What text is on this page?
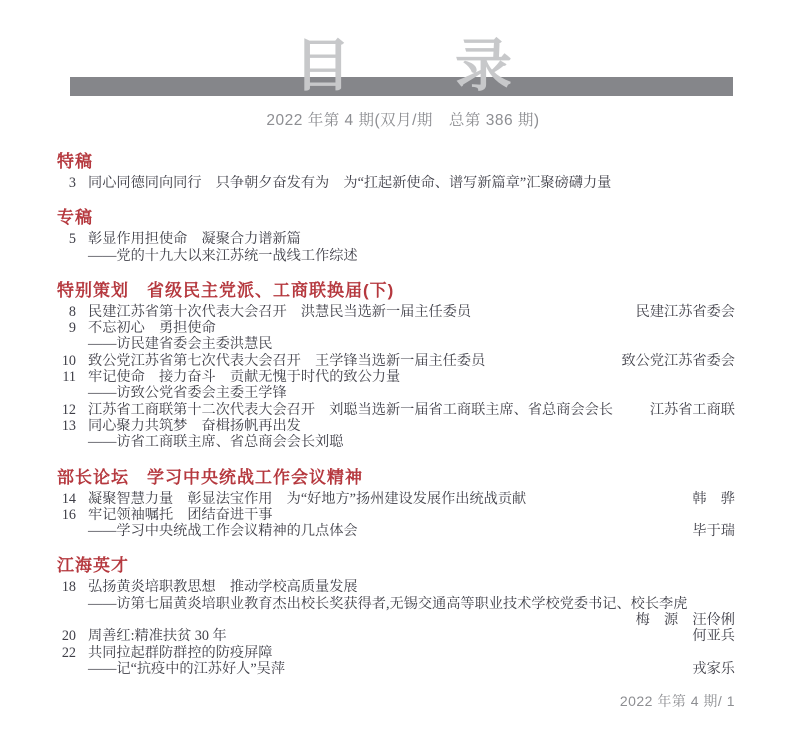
目 录
2022 年第 4 期(双月/期　总第 386 期)
特稿
3 同心同德同向同行　只争朝夕奋发有为　为“扛起新使命、谱写新篇章”汇聚磅礴力量
专稿
5 彰显作用担使命　凝聚合力谱新篇
——党的十九大以来江苏统一战线工作综述
特别策划　省级民主党派、工商联换届(下)
8 民建江苏省第十次代表大会召开　洪慧民当选新一届主任委员	民建江苏省委会
9 不忘初心　勇担使命
——访民建省委会主委洪慧民
10 致公党江苏省第七次代表大会召开　王学锋当选新一届主任委员	致公党江苏省委会
11 牢记使命　接力奋斗　贡献无愧于时代的致公力量
——访致公党省委会主委王学锋
12 江苏省工商联第十二次代表大会召开　刘聪当选新一届省工商联主席、省总商会会长	江苏省工商联
13 同心聚力共筑梦　奋楫扬帆再出发
——访省工商联主席、省总商会会长刘聪
部长论坛　学习中央统战工作会议精神
14 凝聚智慧力量　彰显法宝作用　为“好地方”扬州建设发展作出统战贡献	韩　骅
16 牢记领袖嘱托　团结奋进干事
——学习中央统战工作会议精神的几点体会	毕于瑞
江海英才
18 弘扬黄炎培职教思想　推动学校高质量发展
——访第七届黄炎培职业教育杰出校长奖获得者,无锡交通高等职业技术学校党委书记、校长李虎
梅　源　汪伶俐
20 周善红:精准扶贫 30 年	何亚兵
22 共同拉起群防群控的防疫屏障
——记“抗疫中的江苏好人”吴萍	戎家乐
2022 年第 4 期/ 1
